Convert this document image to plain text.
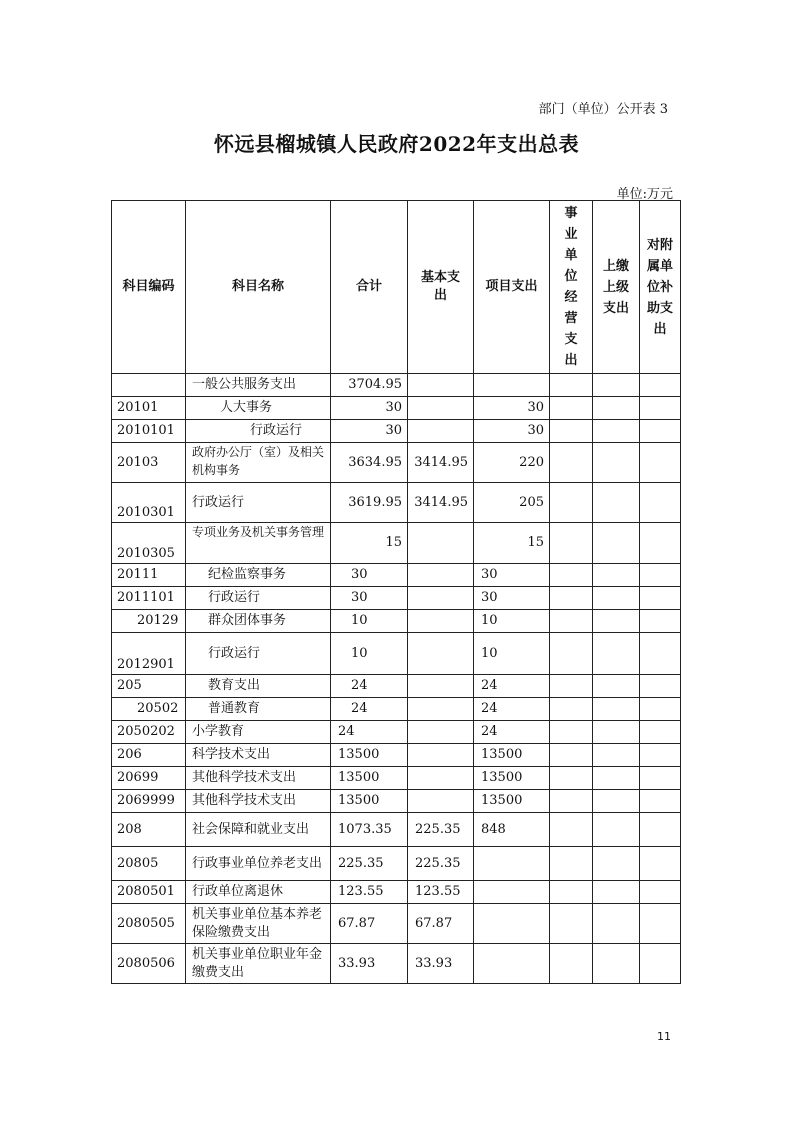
部门（单位）公开表 3
怀远县榴城镇人民政府2022年支出总表
单位:万元
科目编码	科目名称	合计	基本支出	项目支出	事业单位经营支出	上缴上级支出	对附属单位补助支出
	一般公共服务支出	3704.95					
20101	人大事务	30		30			
2010101	行政运行	30		30			
20103	政府办公厅（室）及相关机构事务	3634.95	3414.95	220			
2010301	行政运行	3619.95	3414.95	205			
2010305	专项业务及机关事务管理	15		15			
20111	纪检监察事务	30		30			
2011101	行政运行	30		30			
20129	群众团体事务	10		10			
2012901	行政运行	10		10			
205	教育支出	24		24			
20502	普通教育	24		24			
2050202	小学教育	24		24			
206	科学技术支出	13500		13500			
20699	其他科学技术支出	13500		13500			
2069999	其他科学技术支出	13500		13500			
208	社会保障和就业支出	1073.35	225.35	848			
20805	行政事业单位养老支出	225.35	225.35				
2080501	行政单位离退休	123.55	123.55				
2080505	机关事业单位基本养老保险缴费支出	67.87	67.87				
2080506	机关事业单位职业年金缴费支出	33.93	33.93				
11
